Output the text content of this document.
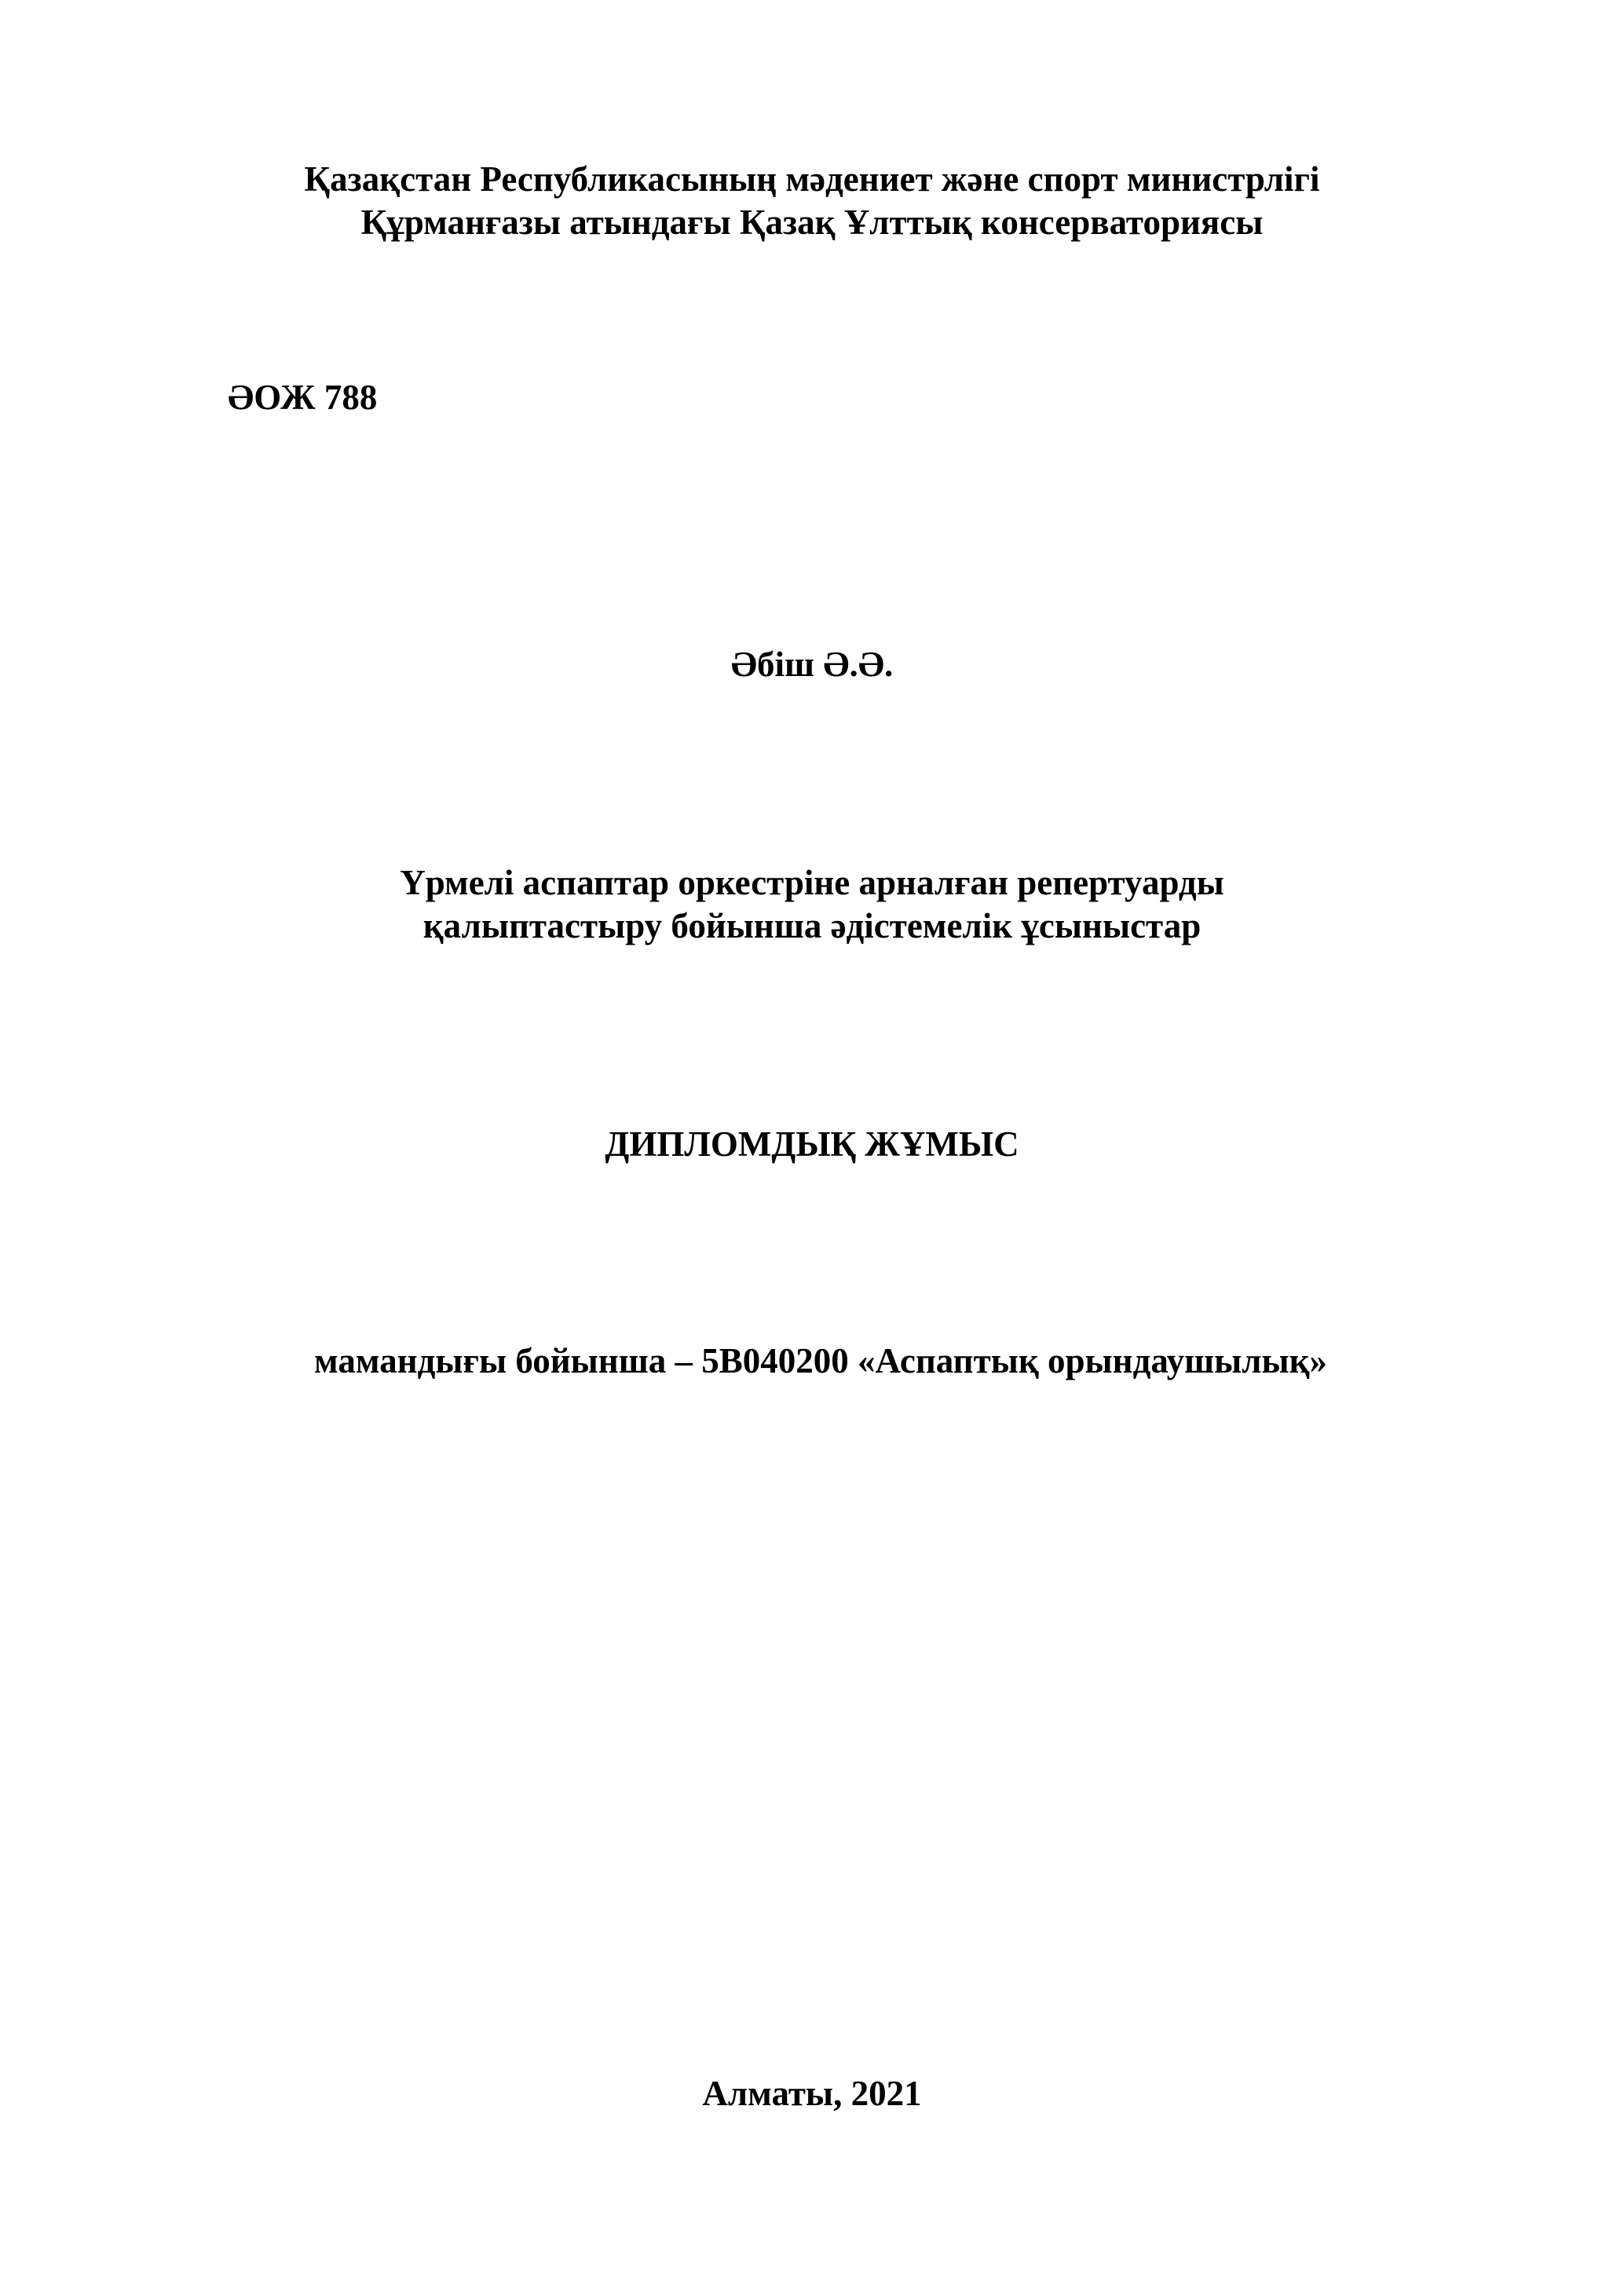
Қазақстан Республикасының мәдениет және спорт министрлігі
Құрманғазы атындағы Қазақ Ұлттық консерваториясы
ӘОЖ 788
Әбіш Ә.Ә.
Үрмелі аспаптар оркестріне арналған репертуарды
қалыптастыру бойынша әдістемелік ұсыныстар
ДИПЛОМДЫҚ ЖҰМЫС
мамандығы бойынша – 5В040200 «Аспаптық орындаушылық»
Алматы, 2021
